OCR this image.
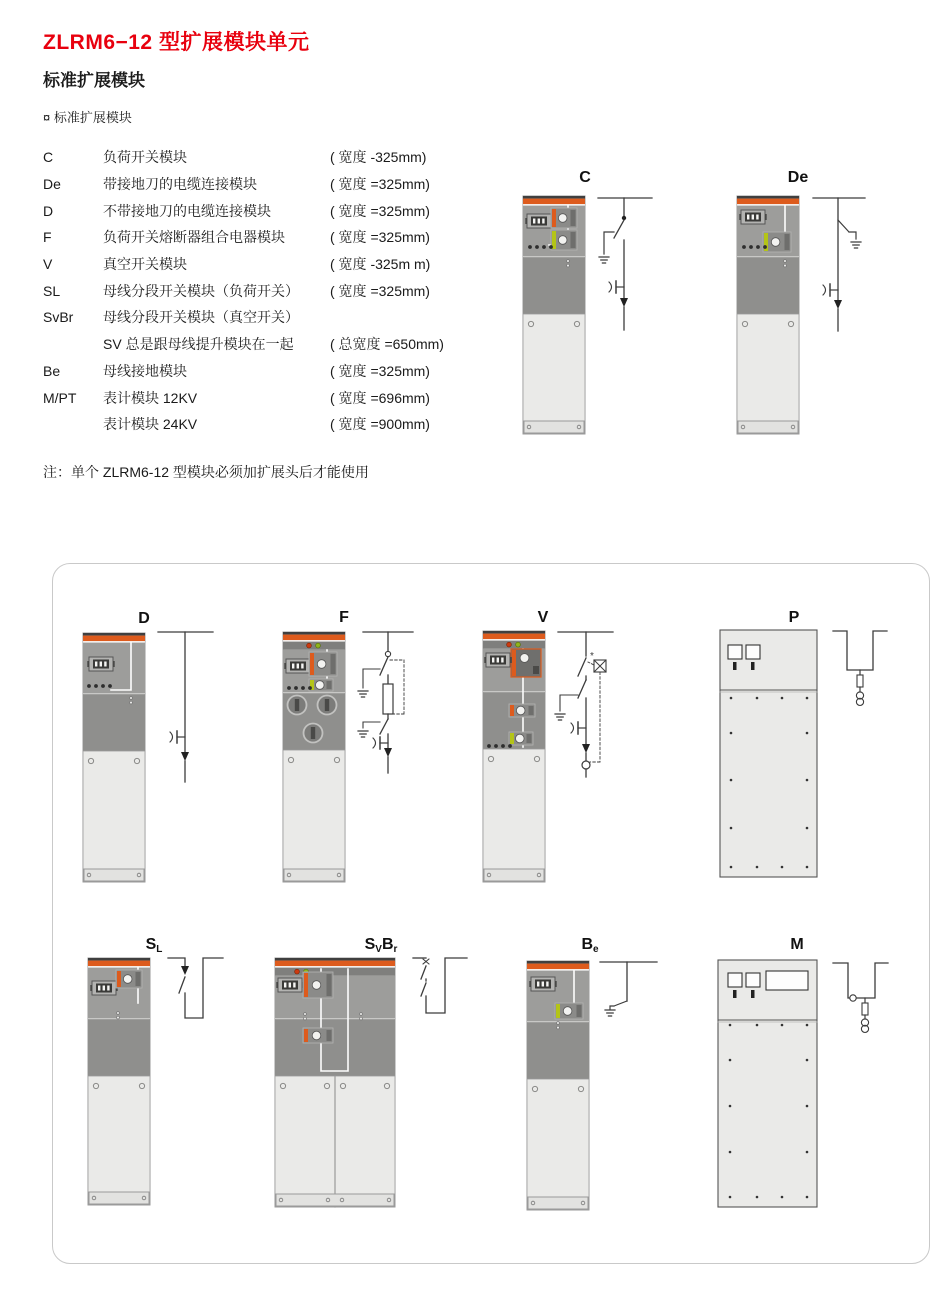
ZLRM6−12 型扩展模块单元
标准扩展模块
¤ 标准扩展模块
C	负荷开关模块	( 宽度 -325mm)
De	带接地刀的电缆连接模块	( 宽度 =325mm)
D	不带接地刀的电缆连接模块	( 宽度 =325mm)
F	负荷开关熔断器组合电器模块	( 宽度 =325mm)
V	真空开关模块	( 宽度 -325m m)
SL	母线分段开关模块（负荷开关）	( 宽度 =325mm)
SvBr	母线分段开关模块（真空开关）
SV 总是跟母线提升模块在一起	( 总宽度 =650mm)
Be	母线接地模块	( 宽度 =325mm)
M/PT	表计模块 12KV	( 宽度 =696mm)
表计模块 24KV	( 宽度 =900mm)
注：单个 ZLRM6-12 型模块必须加扩展头后才能使用
C	De
D	F	V
*
P
SL	SVBr	Be	M
